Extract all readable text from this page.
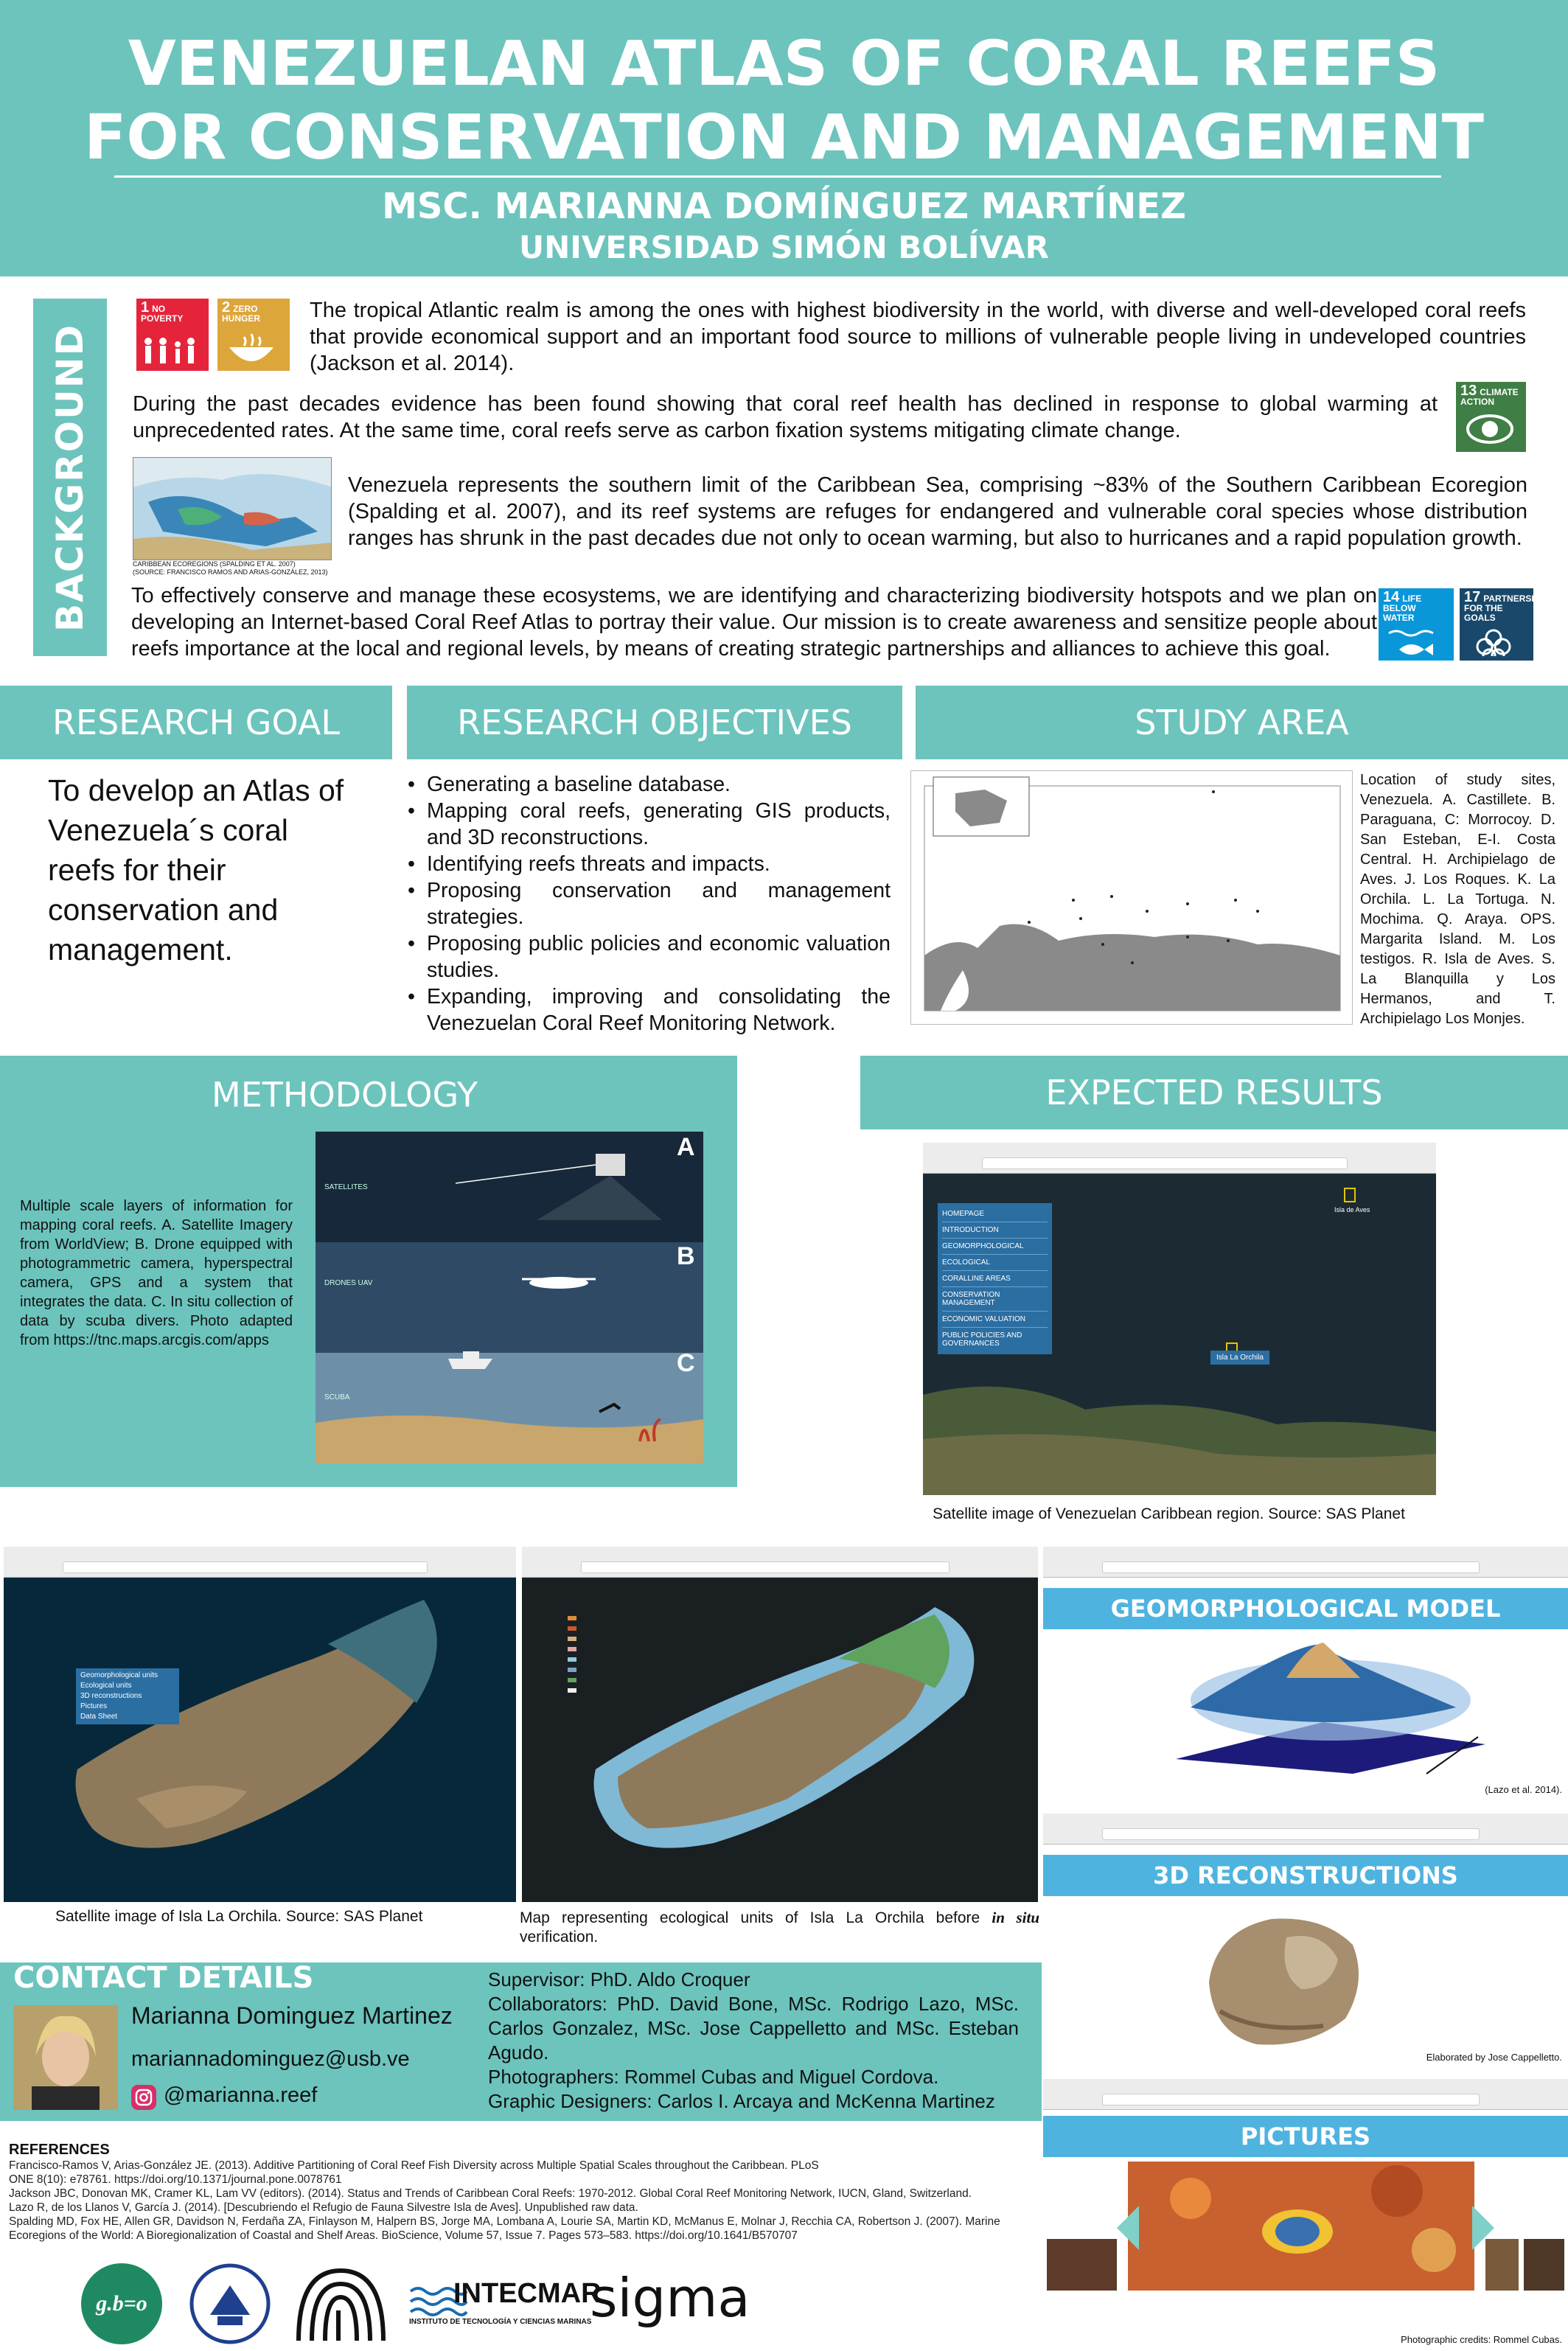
VENEZUELAN ATLAS OF CORAL REEFS
FOR CONSERVATION AND MANAGEMENT
MSC. MARIANNA DOMÍNGUEZ MARTÍNEZ
UNIVERSIDAD SIMÓN BOLÍVAR
BACKGROUND
1 NO POVERTY
2 ZERO HUNGER
13 CLIMATE ACTION
14 LIFE BELOW WATER
17 PARTNERSHIPS FOR THE GOALS
The tropical Atlantic realm is among the ones with highest biodiversity in the world, with diverse and well-developed coral reefs that provide economical support and an important food source to millions of vulnerable people living in undeveloped countries (Jackson et al. 2014).
During the past decades evidence has been found showing that coral reef health has declined in response to global warming at unprecedented rates. At the same time, coral reefs serve as carbon fixation systems mitigating climate change.
CARIBBEAN ECOREGIONS (SPALDING ET AL. 2007)
(SOURCE: FRANCISCO RAMOS AND ARIAS-GONZÁLEZ, 2013)
Venezuela represents the southern limit of the Caribbean Sea, comprising ~83% of the Southern Caribbean Ecoregion (Spalding et al. 2007), and its reef systems are refuges for endangered and vulnerable coral species whose distribution ranges has shrunk in the past decades due not only to ocean warming, but also to hurricanes and a rapid population growth.
To effectively conserve and manage these ecosystems, we are identifying and characterizing biodiversity hotspots and we plan on developing an Internet-based Coral Reef Atlas to portray their value. Our mission is to create awareness and sensitize people about reefs importance at the local and regional levels, by means of creating strategic partnerships and alliances to achieve this goal.
RESEARCH GOAL
To develop an Atlas of Venezuela´s coral reefs for their conservation and management.
RESEARCH OBJECTIVES
• Generating a baseline database.
• Mapping coral reefs, generating GIS products, and 3D reconstructions.
• Identifying reefs threats and impacts.
• Proposing conservation and management strategies.
• Proposing public policies and economic valuation studies.
• Expanding, improving and consolidating the Venezuelan Coral Reef Monitoring Network.
STUDY AREA
Location of study sites, Venezuela. A. Castillete. B. Paraguana, C: Morrocoy. D. San Esteban, E-I. Costa Central. H. Archipielago de Aves. J. Los Roques. K. La Orchila. L. La Tortuga. N. Mochima. Q. Araya. OPS. Margarita Island. M. Los testigos. R. Isla de Aves. S. La Blanquilla y Los Hermanos, and T. Archipielago Los Monjes.
METHODOLOGY
Multiple scale layers of information for mapping coral reefs. A. Satellite Imagery from WorldView; B. Drone equipped with photogrammetric camera, hyperspectral camera, GPS and a system that integrates the data. C. In situ collection of data by scuba divers. Photo adapted from https://tnc.maps.arcgis.com/apps
SATELLITES
DRONES UAV
SCUBA
A
B
C
EXPECTED RESULTS
HOMEPAGE
INTRODUCTION
GEOMORPHOLOGICAL
ECOLOGICAL
CORALLINE AREAS
CONSERVATION MANAGEMENT
ECONOMIC VALUATION
PUBLIC POLICIES AND GOVERNANCES
Isla La Orchila
Isla de Aves
Satellite image of Venezuelan Caribbean region. Source: SAS Planet
Geomorphological units
Ecological units
3D reconstructions
Pictures
Data Sheet
Satellite image of Isla La Orchila. Source: SAS Planet	Map representing ecological units of Isla La Orchila before in situ verification.
GEOMORPHOLOGICAL MODEL
(Lazo et al. 2014).
3D RECONSTRUCTIONS
Elaborated by Jose Cappelletto.
PICTURES
Photographic credits: Rommel Cubas.
CONTACT DETAILS
Marianna Dominguez Martinez
mariannadominguez@usb.ve
@marianna.reef
Supervisor: PhD. Aldo Croquer
Collaborators: PhD. David Bone, MSc. Rodrigo Lazo, MSc. Carlos Gonzalez, MSc. Jose Cappelletto and MSc. Esteban Agudo.
Photographers: Rommel Cubas and Miguel Cordova.
Graphic Designers: Carlos I. Arcaya and McKenna Martinez
REFERENCES
Francisco-Ramos V, Arias-González JE. (2013). Additive Partitioning of Coral Reef Fish Diversity across Multiple Spatial Scales throughout the Caribbean. PLoS ONE 8(10): e78761. https://doi.org/10.1371/journal.pone.0078761
Jackson JBC, Donovan MK, Cramer KL, Lam VV (editors). (2014). Status and Trends of Caribbean Coral Reefs: 1970-2012. Global Coral Reef Monitoring Network, IUCN, Gland, Switzerland.
Lazo R, de los Llanos V, García J. (2014). [Descubriendo el Refugio de Fauna Silvestre Isla de Aves]. Unpublished raw data.
Spalding MD, Fox HE, Allen GR, Davidson N, Ferdaña ZA, Finlayson M, Halpern BS, Jorge MA, Lombana A, Lourie SA, Martin KD, McManus E, Molnar J, Recchia CA, Robertson J. (2007). Marine Ecoregions of the World: A Bioregionalization of Coastal and Shelf Areas. BioScience, Volume 57, Issue 7. Pages 573–583. https://doi.org/10.1641/B570707
g.b=o	INTECMAR
INSTITUTO DE TECNOLOGÍA Y CIENCIAS MARINAS
sigma
